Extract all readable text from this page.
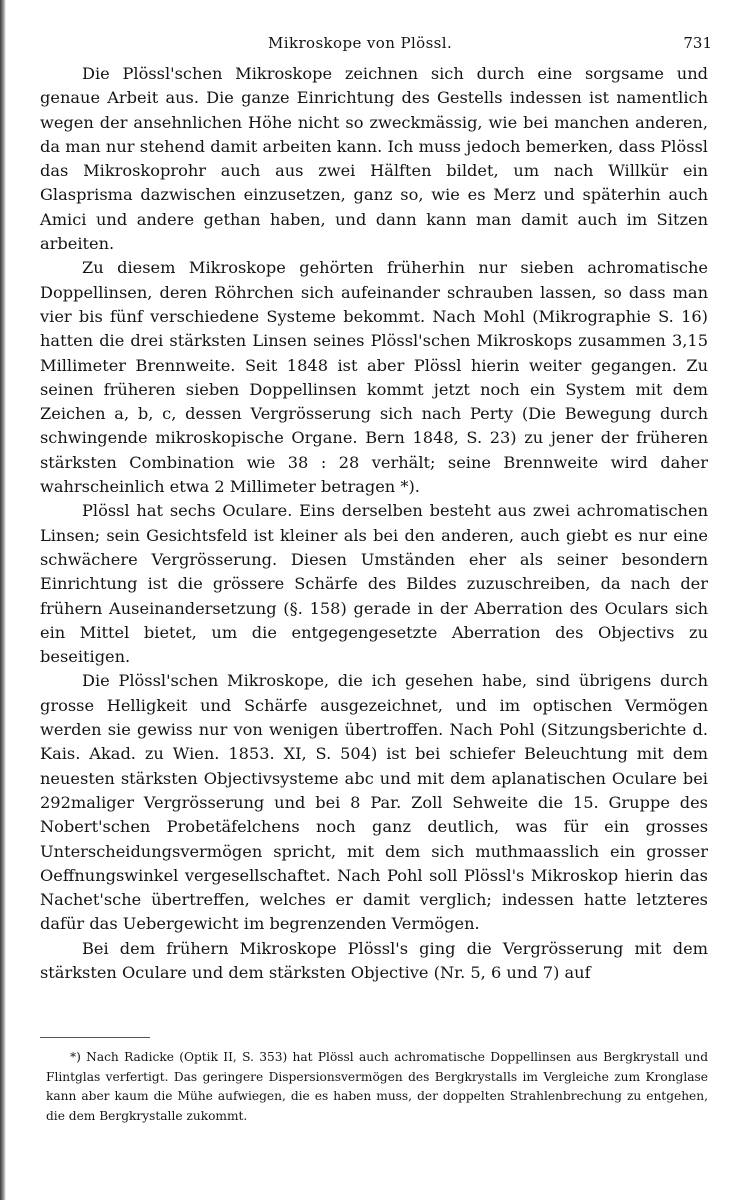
Mikroskope von Plössl.	731

Die Plössl'schen Mikroskope zeichnen sich durch eine sorgsame und genaue Arbeit aus. Die ganze Einrichtung des Gestells indessen ist namentlich wegen der ansehnlichen Höhe nicht so zweckmässig, wie bei manchen anderen, da man nur stehend damit arbeiten kann. Ich muss jedoch bemerken, dass Plössl das Mikroskoprohr auch aus zwei Hälften bildet, um nach Willkür ein Glasprisma dazwischen einzusetzen, ganz so, wie es Merz und späterhin auch Amici und andere gethan haben, und dann kann man damit auch im Sitzen arbeiten.

Zu diesem Mikroskope gehörten früherhin nur sieben achromatische Doppellinsen, deren Röhrchen sich aufeinander schrauben lassen, so dass man vier bis fünf verschiedene Systeme bekommt. Nach Mohl (Mikrographie S. 16) hatten die drei stärksten Linsen seines Plössl'schen Mikroskops zusammen 3,15 Millimeter Brennweite. Seit 1848 ist aber Plössl hierin weiter gegangen. Zu seinen früheren sieben Doppellinsen kommt jetzt noch ein System mit dem Zeichen a, b, c, dessen Vergrösserung sich nach Perty (Die Bewegung durch schwingende mikroskopische Organe. Bern 1848, S. 23) zu jener der früheren stärksten Combination wie 38 : 28 verhält; seine Brennweite wird daher wahrscheinlich etwa 2 Millimeter betragen *).

Plössl hat sechs Oculare. Eins derselben besteht aus zwei achromatischen Linsen; sein Gesichtsfeld ist kleiner als bei den anderen, auch giebt es nur eine schwächere Vergrösserung. Diesen Umständen eher als seiner besondern Einrichtung ist die grössere Schärfe des Bildes zuzuschreiben, da nach der frühern Auseinandersetzung (§. 158) gerade in der Aberration des Oculars sich ein Mittel bietet, um die entgegengesetzte Aberration des Objectivs zu beseitigen.

Die Plössl'schen Mikroskope, die ich gesehen habe, sind übrigens durch grosse Helligkeit und Schärfe ausgezeichnet, und im optischen Vermögen werden sie gewiss nur von wenigen übertroffen. Nach Pohl (Sitzungsberichte d. Kais. Akad. zu Wien. 1853. XI, S. 504) ist bei schiefer Beleuchtung mit dem neuesten stärksten Objectivsysteme abc und mit dem aplanatischen Oculare bei 292maliger Vergrösserung und bei 8 Par. Zoll Sehweite die 15. Gruppe des Nobert'schen Probetäfelchens noch ganz deutlich, was für ein grosses Unterscheidungsvermögen spricht, mit dem sich muthmaasslich ein grosser Oeffnungswinkel vergesellschaftet. Nach Pohl soll Plössl's Mikroskop hierin das Nachet'sche übertreffen, welches er damit verglich; indessen hatte letzteres dafür das Uebergewicht im begrenzenden Vermögen.

Bei dem frühern Mikroskope Plössl's ging die Vergrösserung mit dem stärksten Oculare und dem stärksten Objective (Nr. 5, 6 und 7) auf

*) Nach Radicke (Optik II, S. 353) hat Plössl auch achromatische Doppellinsen aus Bergkrystall und Flintglas verfertigt. Das geringere Dispersionsvermögen des Bergkrystalls im Vergleiche zum Kronglase kann aber kaum die Mühe aufwiegen, die es haben muss, der doppelten Strahlenbrechung zu entgehen, die dem Bergkrystalle zukommt.
